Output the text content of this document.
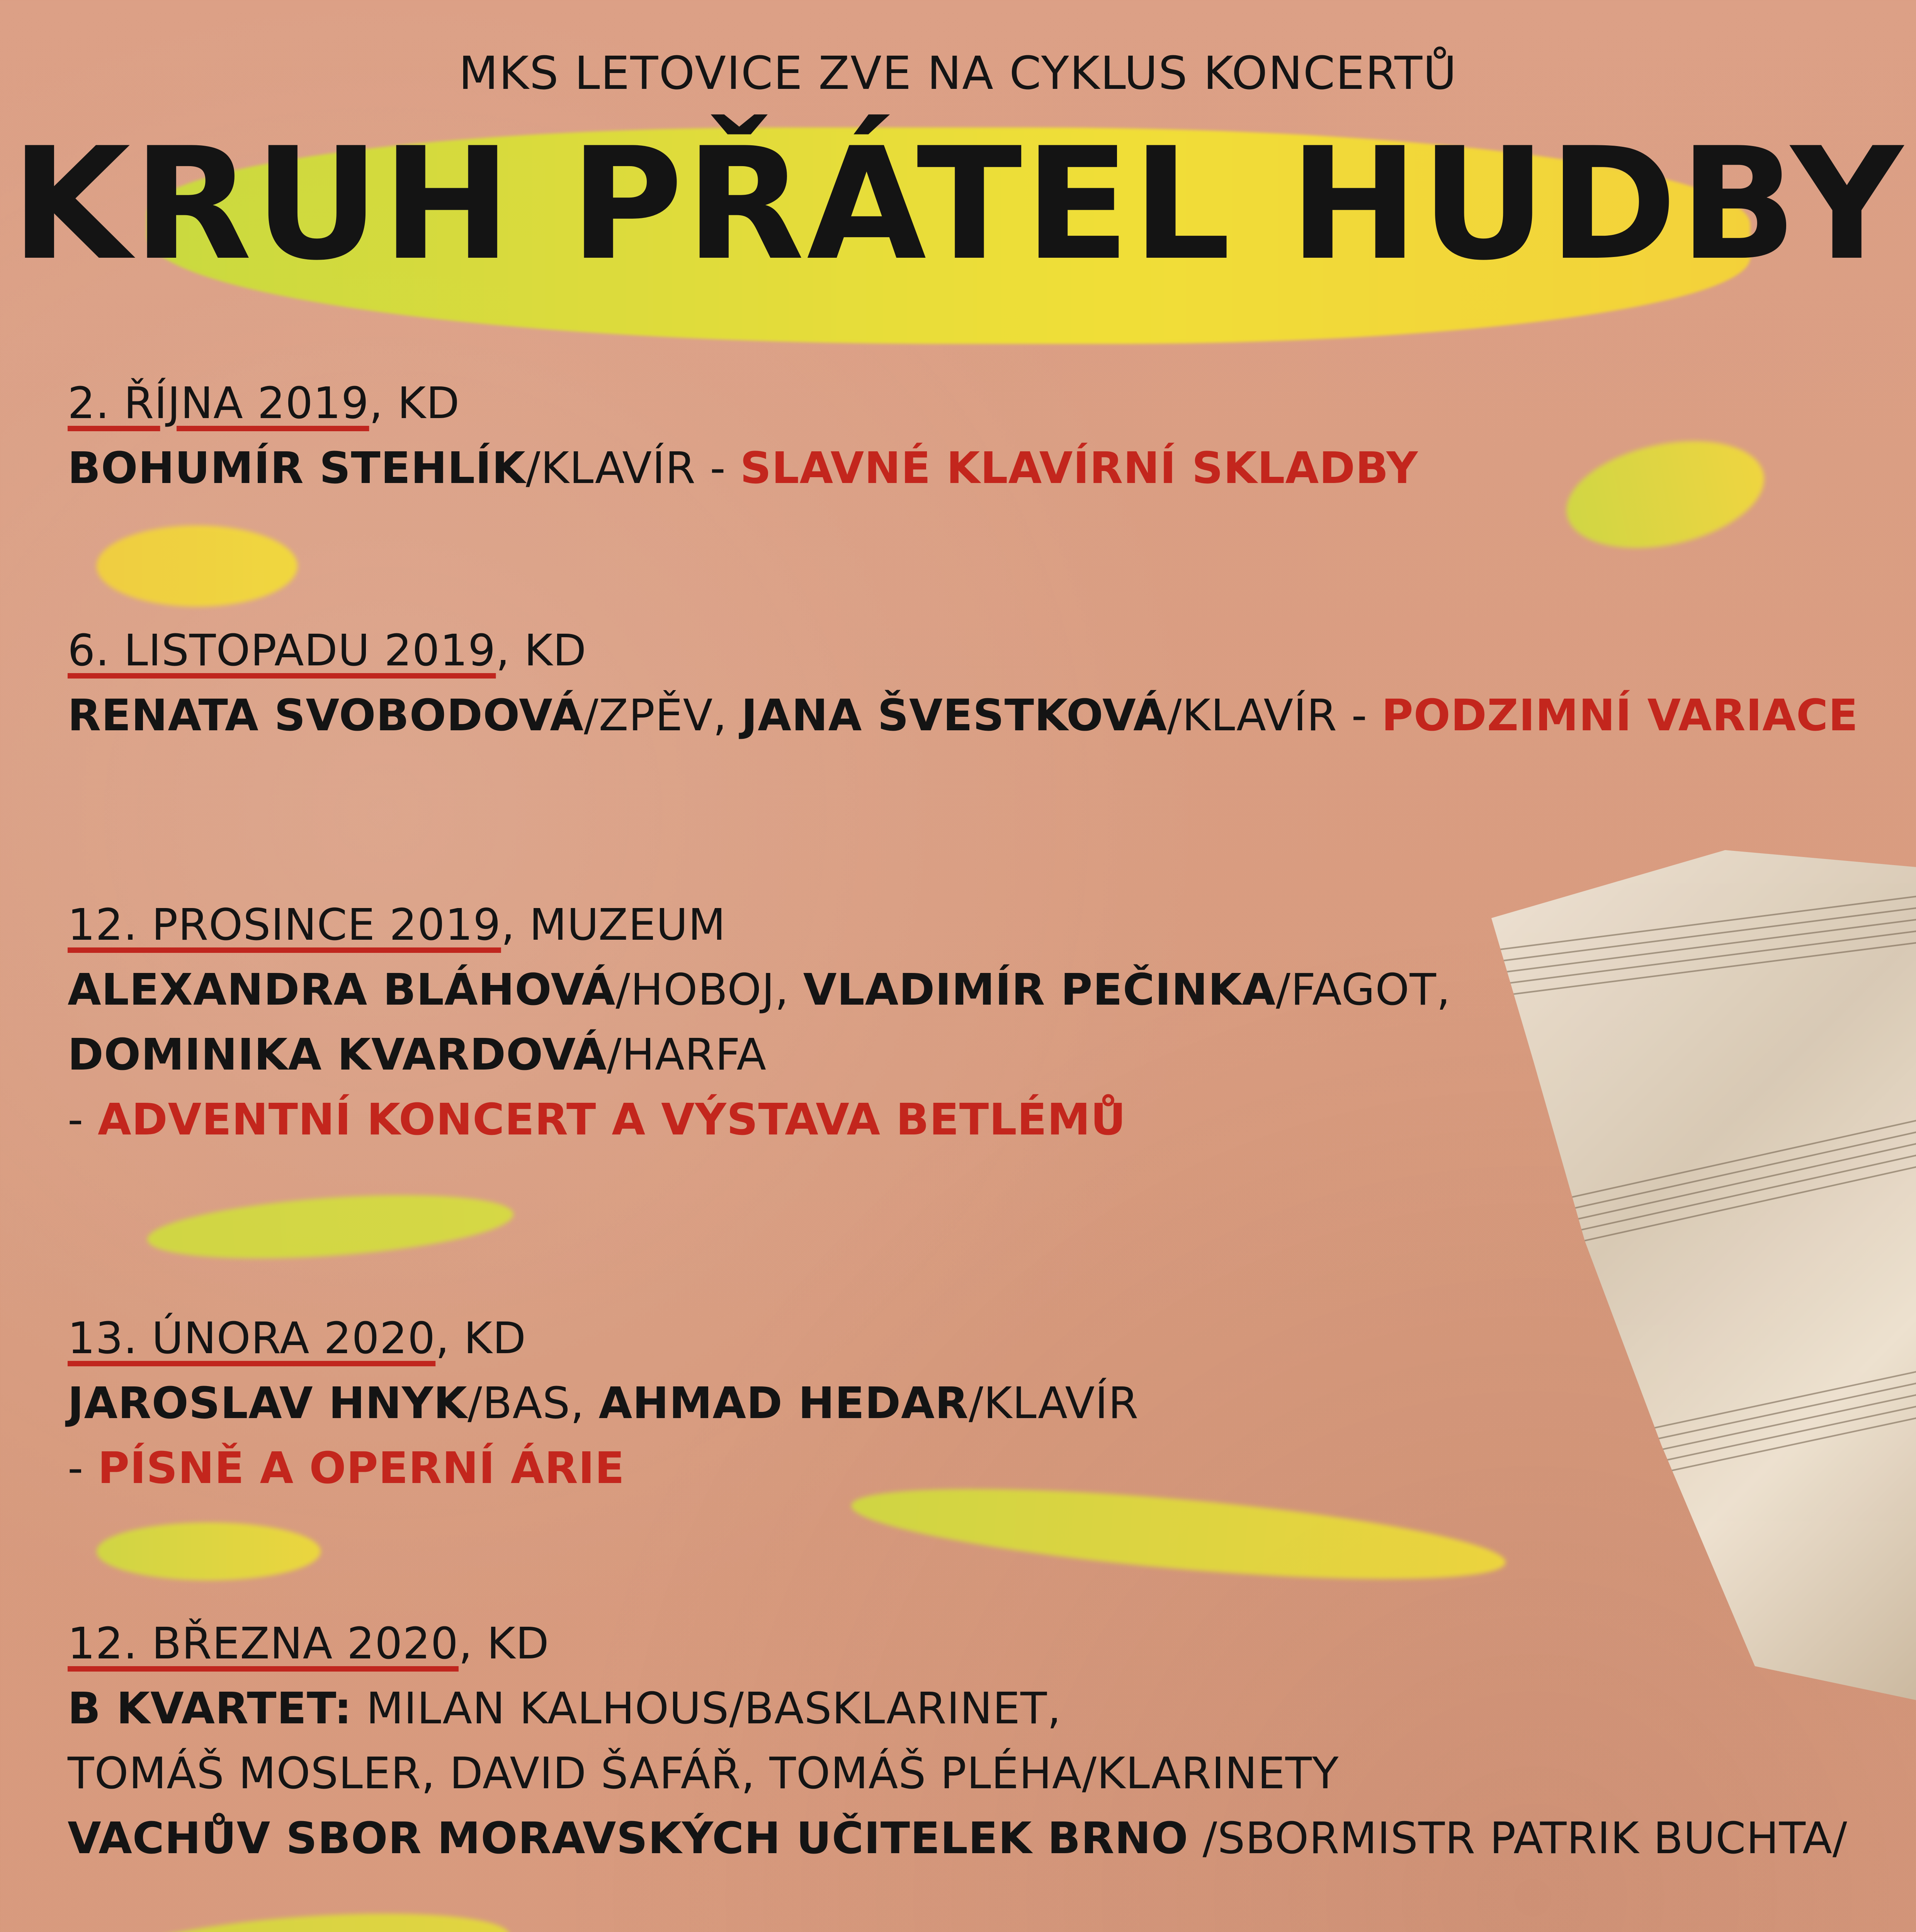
MKS LETOVICE ZVE NA CYKLUS KONCERTŮ
KRUH PŘÁTEL HUDBY
2. ŘÍJNA 2019, KD
BOHUMÍR STEHLÍK/KLAVÍR - SLAVNÉ KLAVÍRNÍ SKLADBY
6. LISTOPADU 2019, KD
RENATA SVOBODOVÁ/ZPĚV, JANA ŠVESTKOVÁ/KLAVÍR - PODZIMNÍ VARIACE
12. PROSINCE 2019, MUZEUM
ALEXANDRA BLÁHOVÁ/HOBOJ, VLADIMÍR PEČINKA/FAGOT,
DOMINIKA KVARDOVÁ/HARFA
- ADVENTNÍ KONCERT A VÝSTAVA BETLÉMŮ
13. ÚNORA 2020, KD
JAROSLAV HNYK/BAS, AHMAD HEDAR/KLAVÍR
- PÍSNĚ A OPERNÍ ÁRIE
12. BŘEZNA 2020, KD
B KVARTET: MILAN KALHOUS/BASKLARINET,
TOMÁŠ MOSLER, DAVID ŠAFÁŘ, TOMÁŠ PLÉHA/KLARINETY
VACHŮV SBOR MORAVSKÝCH UČITELEK BRNO /SBORMISTR PATRIK BUCHTA/
